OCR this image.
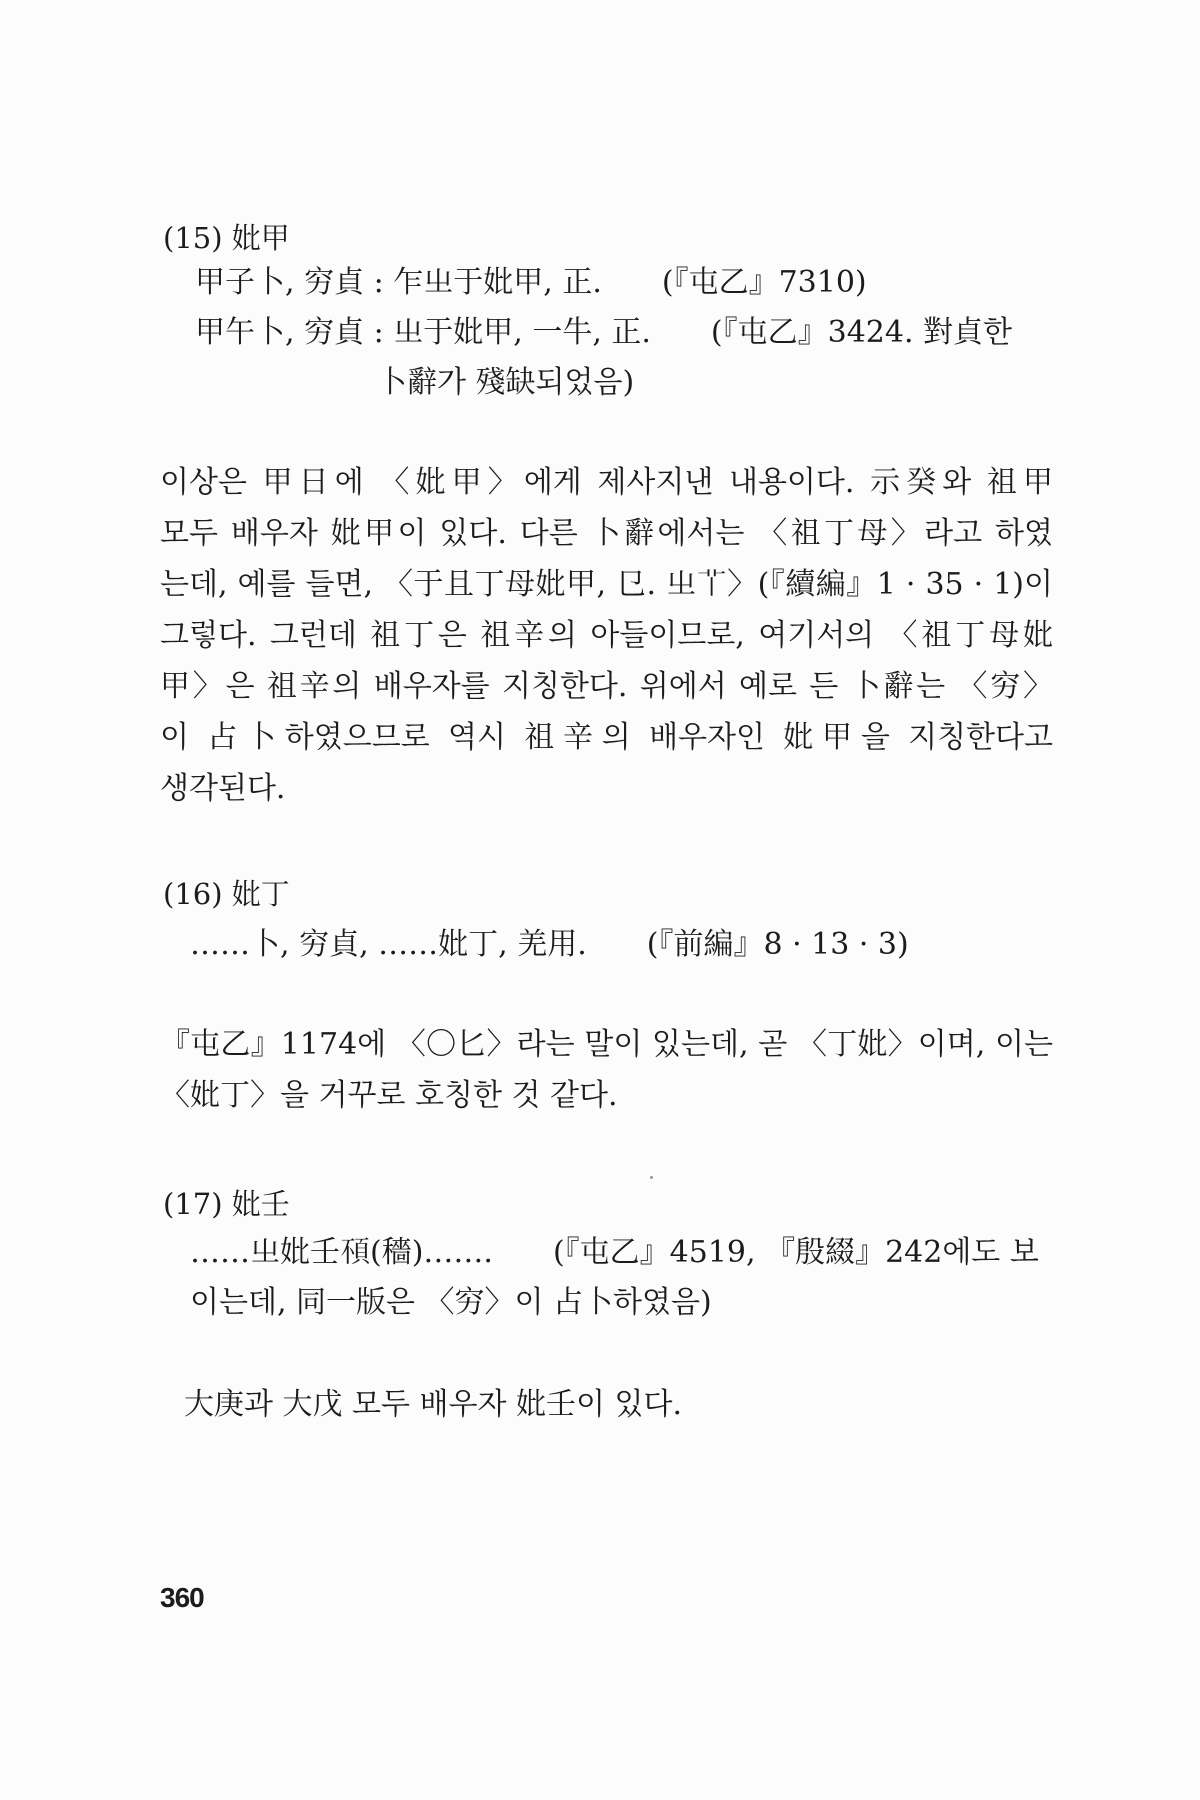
(15) 妣甲
甲子卜, 穷貞 : 乍㞢于妣甲, 正.　　(『屯乙』7310)
甲午卜, 穷貞 : 㞢于妣甲, 一牛, 正.　　(『屯乙』3424. 對貞한
卜辭가 殘缺되었음)
이상은 甲日에 〈妣甲〉에게 제사지낸 내용이다. 示癸와 祖甲
모두 배우자 妣甲이 있다. 다른 卜辭에서는 〈祖丁母〉라고 하였
는데, 예를 들면, 〈于且丁母妣甲, 㔾. 㞢𦫳〉(『續編』1 · 35 · 1)이
그렇다. 그런데 祖丁은 祖辛의 아들이므로, 여기서의 〈祖丁母妣
甲〉은 祖辛의 배우자를 지칭한다. 위에서 예로 든 卜辭는 〈穷〉
이 占卜하였으므로 역시 祖辛의 배우자인 妣甲을 지칭한다고
생각된다.
(16) 妣丁
……卜, 穷貞, ……妣丁, 羌用.　　(『前編』8 · 13 · 3)
『屯乙』1174에 〈〇匕〉라는 말이 있는데, 곧 〈丁妣〉이며, 이는
〈妣丁〉을 거꾸로 호칭한 것 같다.
(17) 妣壬
……㞢妣壬𩑢(穡)…….　　(『屯乙』4519, 『殷綴』242에도 보
이는데, 同一版은 〈穷〉이 占卜하였음)
大庚과 大戊 모두 배우자 妣壬이 있다.
360
